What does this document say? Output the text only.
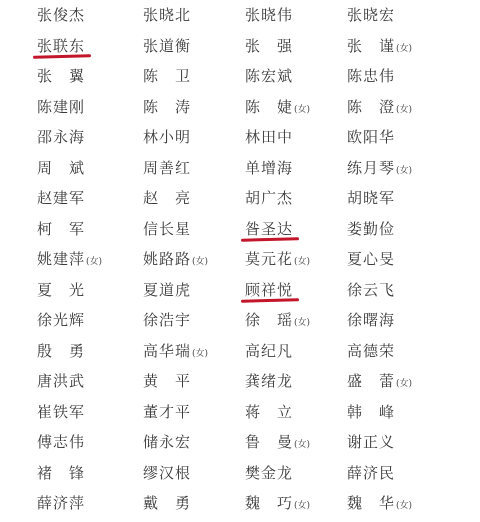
张俊杰	张晓北	张晓伟	张晓宏
张联东	张道衡	张　强	张　谨(女)
张　翼	陈　卫	陈宏斌	陈忠伟
陈建刚	陈　涛	陈　婕(女)	陈　澄(女)
邵永海	林小明	林田中	欧阳华
周　斌	周善红	单增海	练月琴(女)
赵建军	赵　亮	胡广杰	胡晓军
柯　军	信长星	昝圣达	娄勤俭
姚建萍(女)	姚路路(女)	莫元花(女)	夏心旻
夏　光	夏道虎	顾祥悦	徐云飞
徐光辉	徐浩宇	徐　瑶(女)	徐曙海
殷　勇	高华瑞(女)	高纪凡	高德荣
唐洪武	黄　平	龚绪龙	盛　蕾(女)
崔铁军	董才平	蒋　立	韩　峰
傅志伟	储永宏	鲁　曼(女)	谢正义
褚　锋	缪汉根	樊金龙	薛济民
薛济萍	戴　勇	魏　巧(女)	魏　华(女)
